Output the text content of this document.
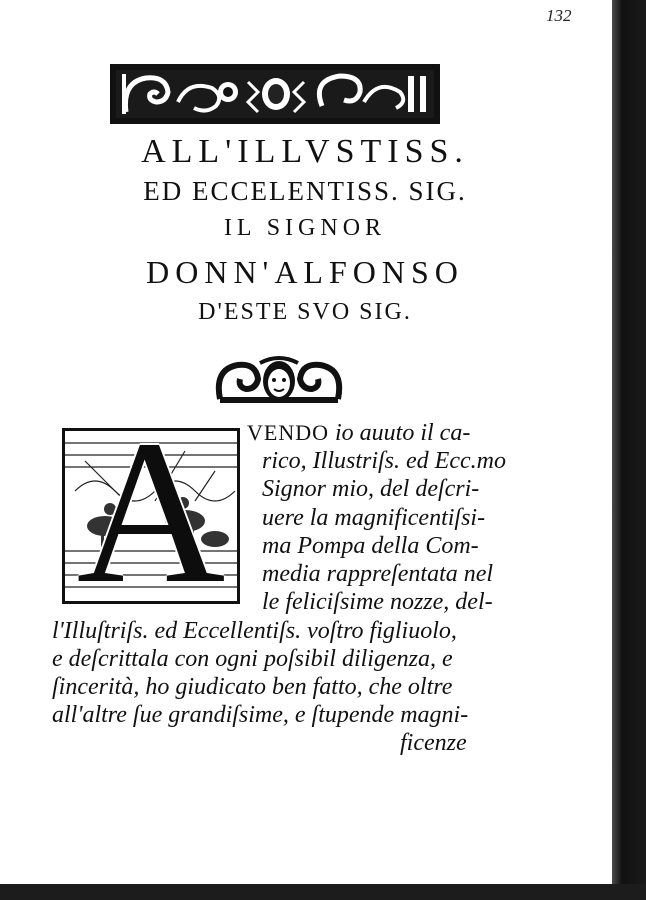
132
ALL'ILLVSTISS.
ED ECCELENTISS. SIG.
IL SIGNOR
DONN'ALFONSO
D'ESTE SVO SIG.
A VENDO io auuto il ca-
rico, Illustriſs. ed Ecc.mo
Signor mio, del deſcri-
uere la magnificentiſsi-
ma Pompa della Com-
media rappreſentata nel
le feliciſsime nozze, del-
l'Illuſtriſs. ed Eccellentiſs. voſtro figliuolo,
e deſcrittala con ogni poſsibil diligenza, e
ſincerità, ho giudicato ben fatto, che oltre
all'altre ſue grandiſsime, e ſtupende magni-
ficenze
